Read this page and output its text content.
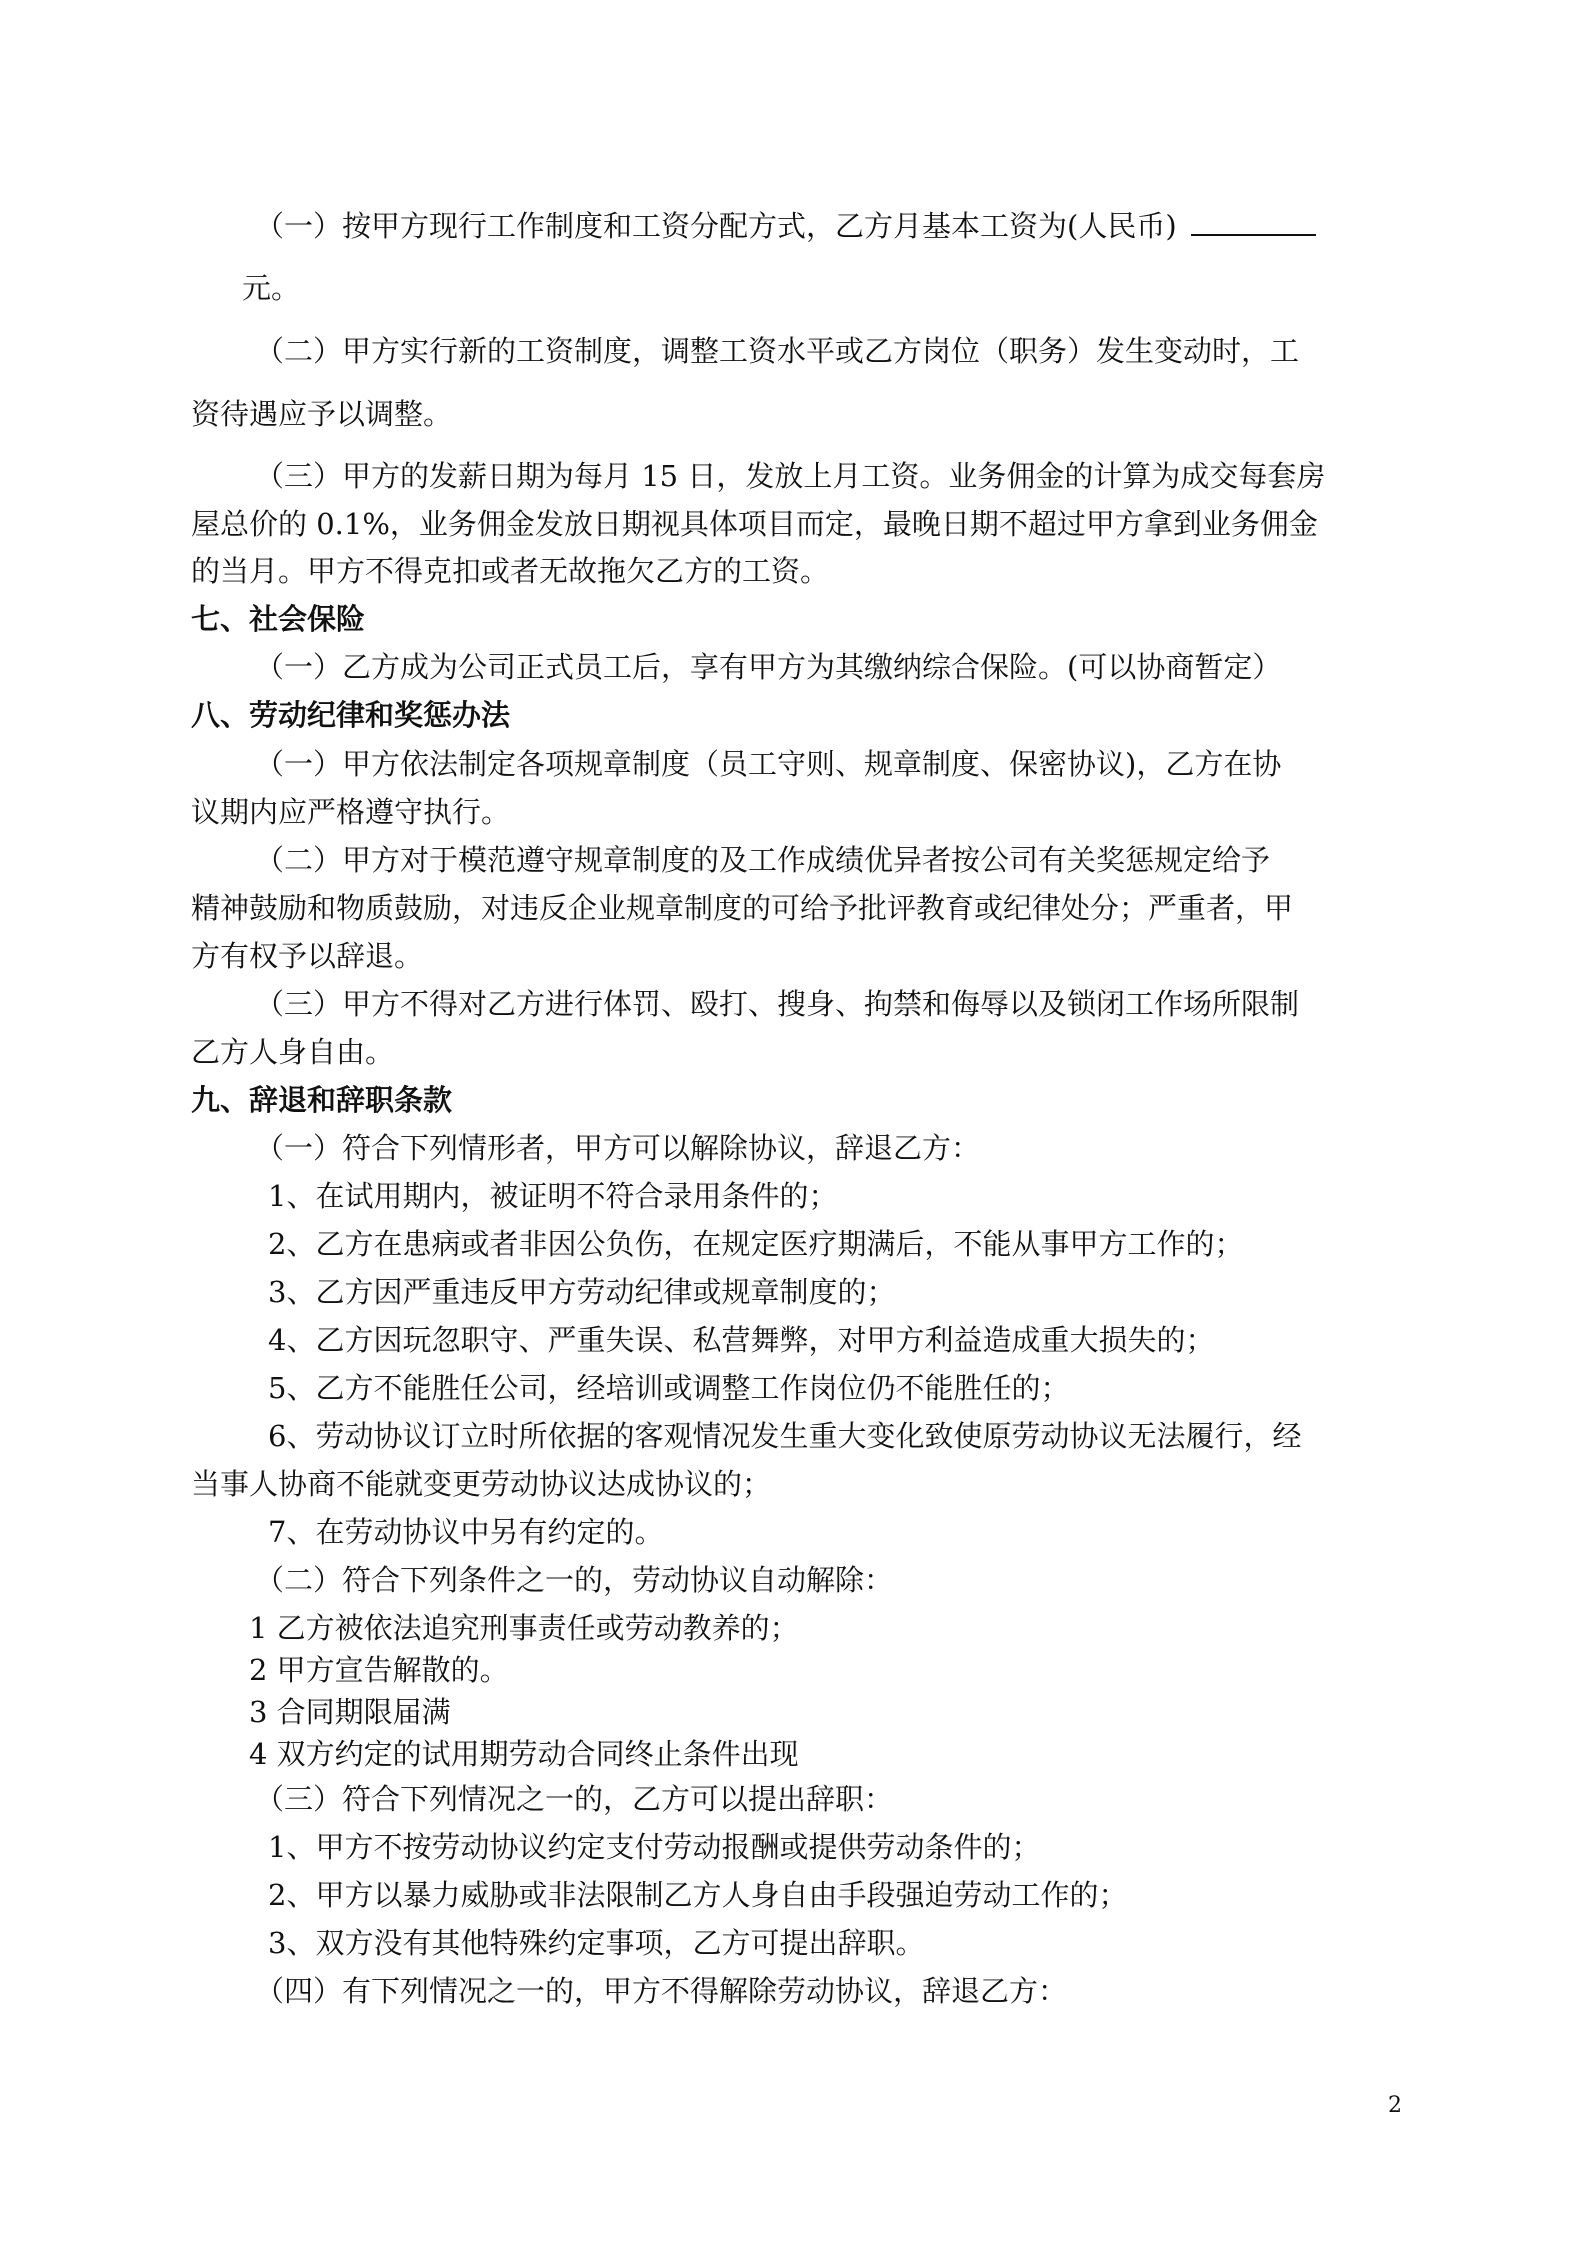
（一）按甲方现行工作制度和工资分配方式，乙方月基本工资为(人民币)
元。
（二）甲方实行新的工资制度，调整工资水平或乙方岗位（职务）发生变动时，工
资待遇应予以调整。
（三）甲方的发薪日期为每月 15 日，发放上月工资。业务佣金的计算为成交每套房
屋总价的 0.1%，业务佣金发放日期视具体项目而定，最晚日期不超过甲方拿到业务佣金
的当月。甲方不得克扣或者无故拖欠乙方的工资。
七、社会保险
（一）乙方成为公司正式员工后，享有甲方为其缴纳综合保险。(可以协商暂定）
八、劳动纪律和奖惩办法
（一）甲方依法制定各项规章制度（员工守则、规章制度、保密协议)，乙方在协
议期内应严格遵守执行。
（二）甲方对于模范遵守规章制度的及工作成绩优异者按公司有关奖惩规定给予
精神鼓励和物质鼓励，对违反企业规章制度的可给予批评教育或纪律处分；严重者，甲
方有权予以辞退。
（三）甲方不得对乙方进行体罚、殴打、搜身、拘禁和侮辱以及锁闭工作场所限制
乙方人身自由。
九、辞退和辞职条款
（一）符合下列情形者，甲方可以解除协议，辞退乙方：
1、在试用期内，被证明不符合录用条件的；
2、乙方在患病或者非因公负伤，在规定医疗期满后，不能从事甲方工作的；
3、乙方因严重违反甲方劳动纪律或规章制度的；
4、乙方因玩忽职守、严重失误、私营舞弊，对甲方利益造成重大损失的；
5、乙方不能胜任公司，经培训或调整工作岗位仍不能胜任的；
6、劳动协议订立时所依据的客观情况发生重大变化致使原劳动协议无法履行，经
当事人协商不能就变更劳动协议达成协议的；
7、在劳动协议中另有约定的。
（二）符合下列条件之一的，劳动协议自动解除：
1 乙方被依法追究刑事责任或劳动教养的；
2 甲方宣告解散的。
3 合同期限届满
4 双方约定的试用期劳动合同终止条件出现
（三）符合下列情况之一的，乙方可以提出辞职：
1、甲方不按劳动协议约定支付劳动报酬或提供劳动条件的；
2、甲方以暴力威胁或非法限制乙方人身自由手段强迫劳动工作的；
3、双方没有其他特殊约定事项，乙方可提出辞职。
（四）有下列情况之一的，甲方不得解除劳动协议，辞退乙方：
2
